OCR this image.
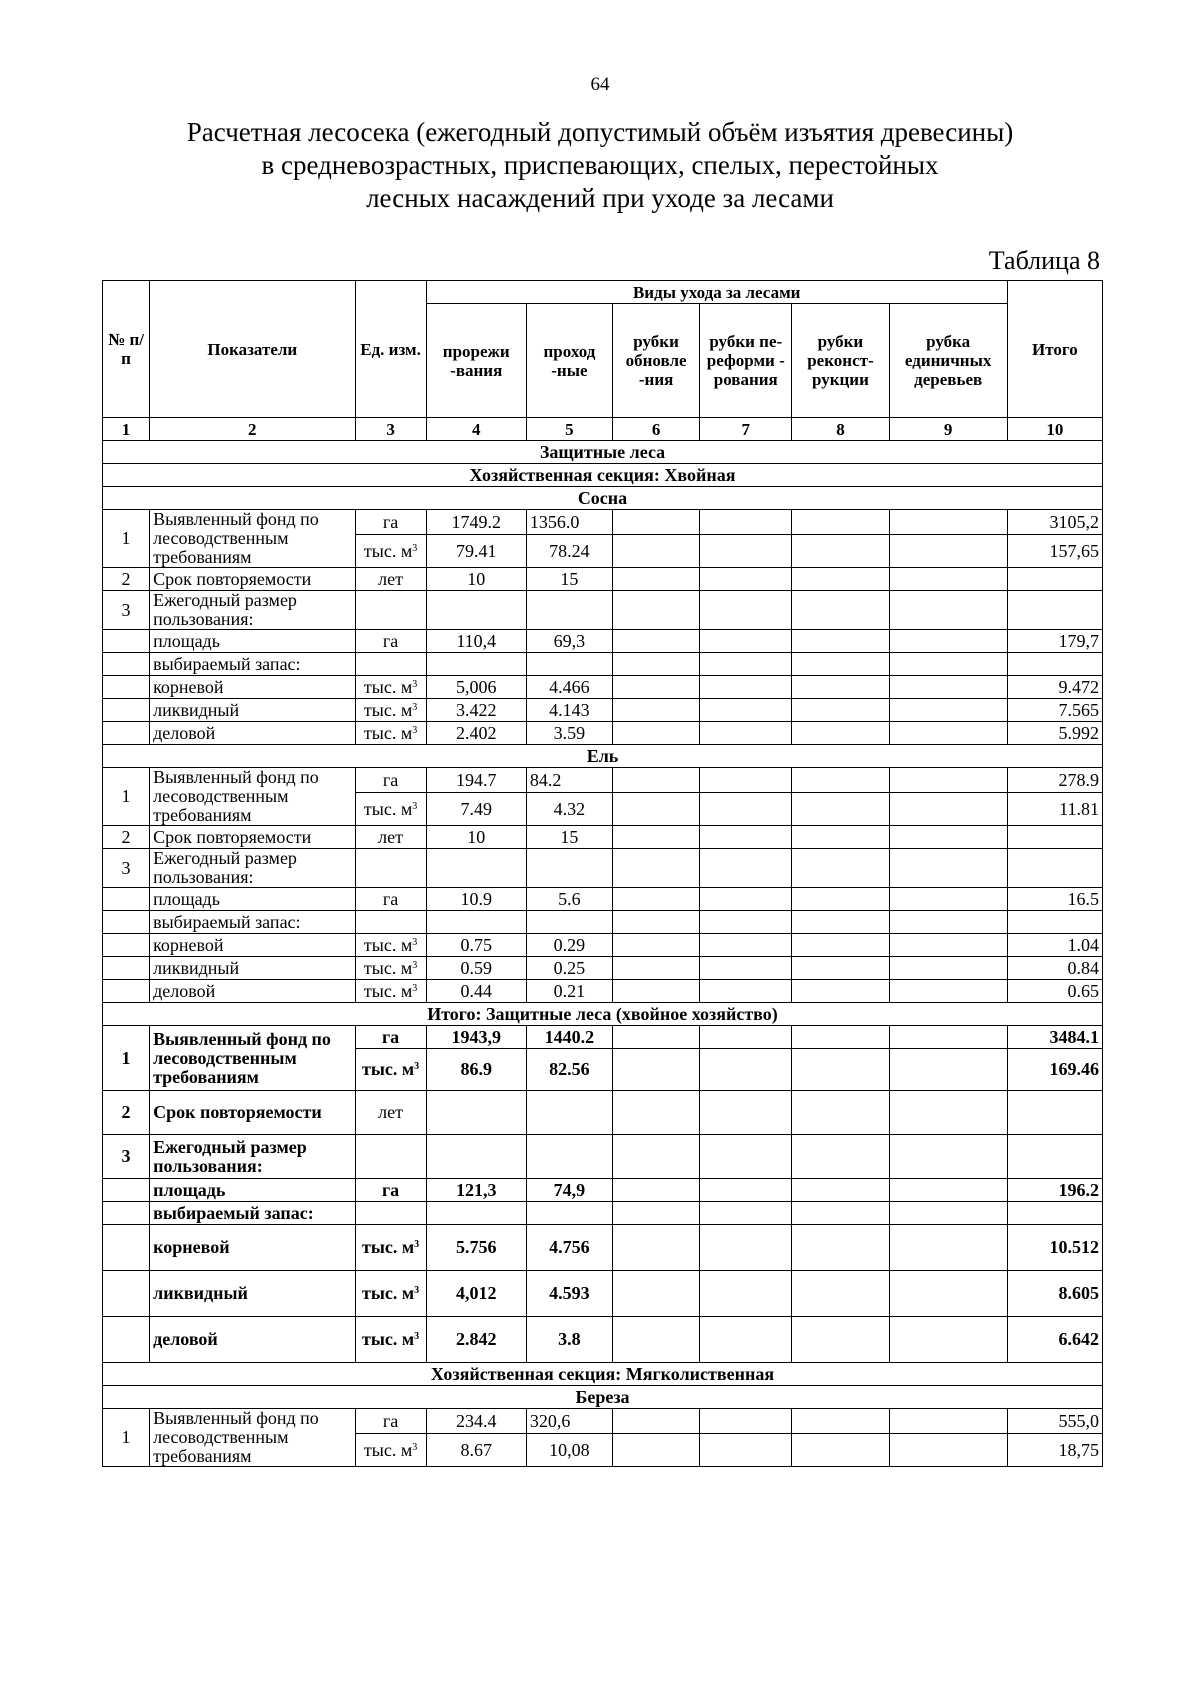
64
Расчетная лесосека (ежегодный допустимый объём изъятия древесины)
в средневозрастных, приспевающих, спелых, перестойных
лесных насаждений при уходе за лесами
Таблица 8
№ п/п	Показатели	Ед. изм.	Виды ухода за лесами						Итого
			прорежи -вания	проход -ные	рубки обновле -ния	рубки пе- реформи - рования	рубки реконст- рукции	рубка единичных деревьев	
1	2	3	4	5	6	7	8	9	10
Защитные леса									
Хозяйственная секция: Хвойная									
Сосна									
1	Выявленный фонд по лесоводственным требованиям	га	1749.2	1356.0					3105,2
		тыс. $м^3$	79.41	78.24					157,65
2	Срок повторяемости	лет	10	15					
3	Ежегодный размер пользования:								
	площадь	га	110,4	69,3					179,7
	выбираемый запас:								
	корневой	тыс. $м^3$	5,006	4.466					9.472
	ликвидный	тыс. $м^3$	3.422	4.143					7.565
	деловой	тыс. $м^3$	2.402	3.59					5.992
Ель									
1	Выявленный фонд по лесоводственным требованиям	га	194.7	84.2					278.9
		тыс. $м^3$	7.49	4.32					11.81
2	Срок повторяемости	лет	10	15					
3	Ежегодный размер пользования:								
	площадь	га	10.9	5.6					16.5
	выбираемый запас:								
	корневой	тыс. $м^3$	0.75	0.29					1.04
	ликвидный	тыс. $м^3$	0.59	0.25					0.84
	деловой	тыс. $м^3$	0.44	0.21					0.65
Итого: Защитные леса (хвойное хозяйство)									
1	Выявленный фонд по лесоводственным требованиям	га	1943,9	1440.2					3484.1
		тыс. $м^3$	86.9	82.56					169.46
2	Срок повторяемости	лет							
3	Ежегодный размер пользования:								
	площадь	га	121,3	74,9					196.2
	выбираемый запас:								
	корневой	тыс. $м^3$	5.756	4.756					10.512
	ликвидный	тыс. $м^3$	4,012	4.593					8.605
	деловой	тыс. $м^3$	2.842	3.8					6.642
Хозяйственная секция: Мягколиственная									
Береза									
1	Выявленный фонд по лесоводственным требованиям	га	234.4	320,6					555,0
		тыс. $м^3$	8.67	10,08					18,75
